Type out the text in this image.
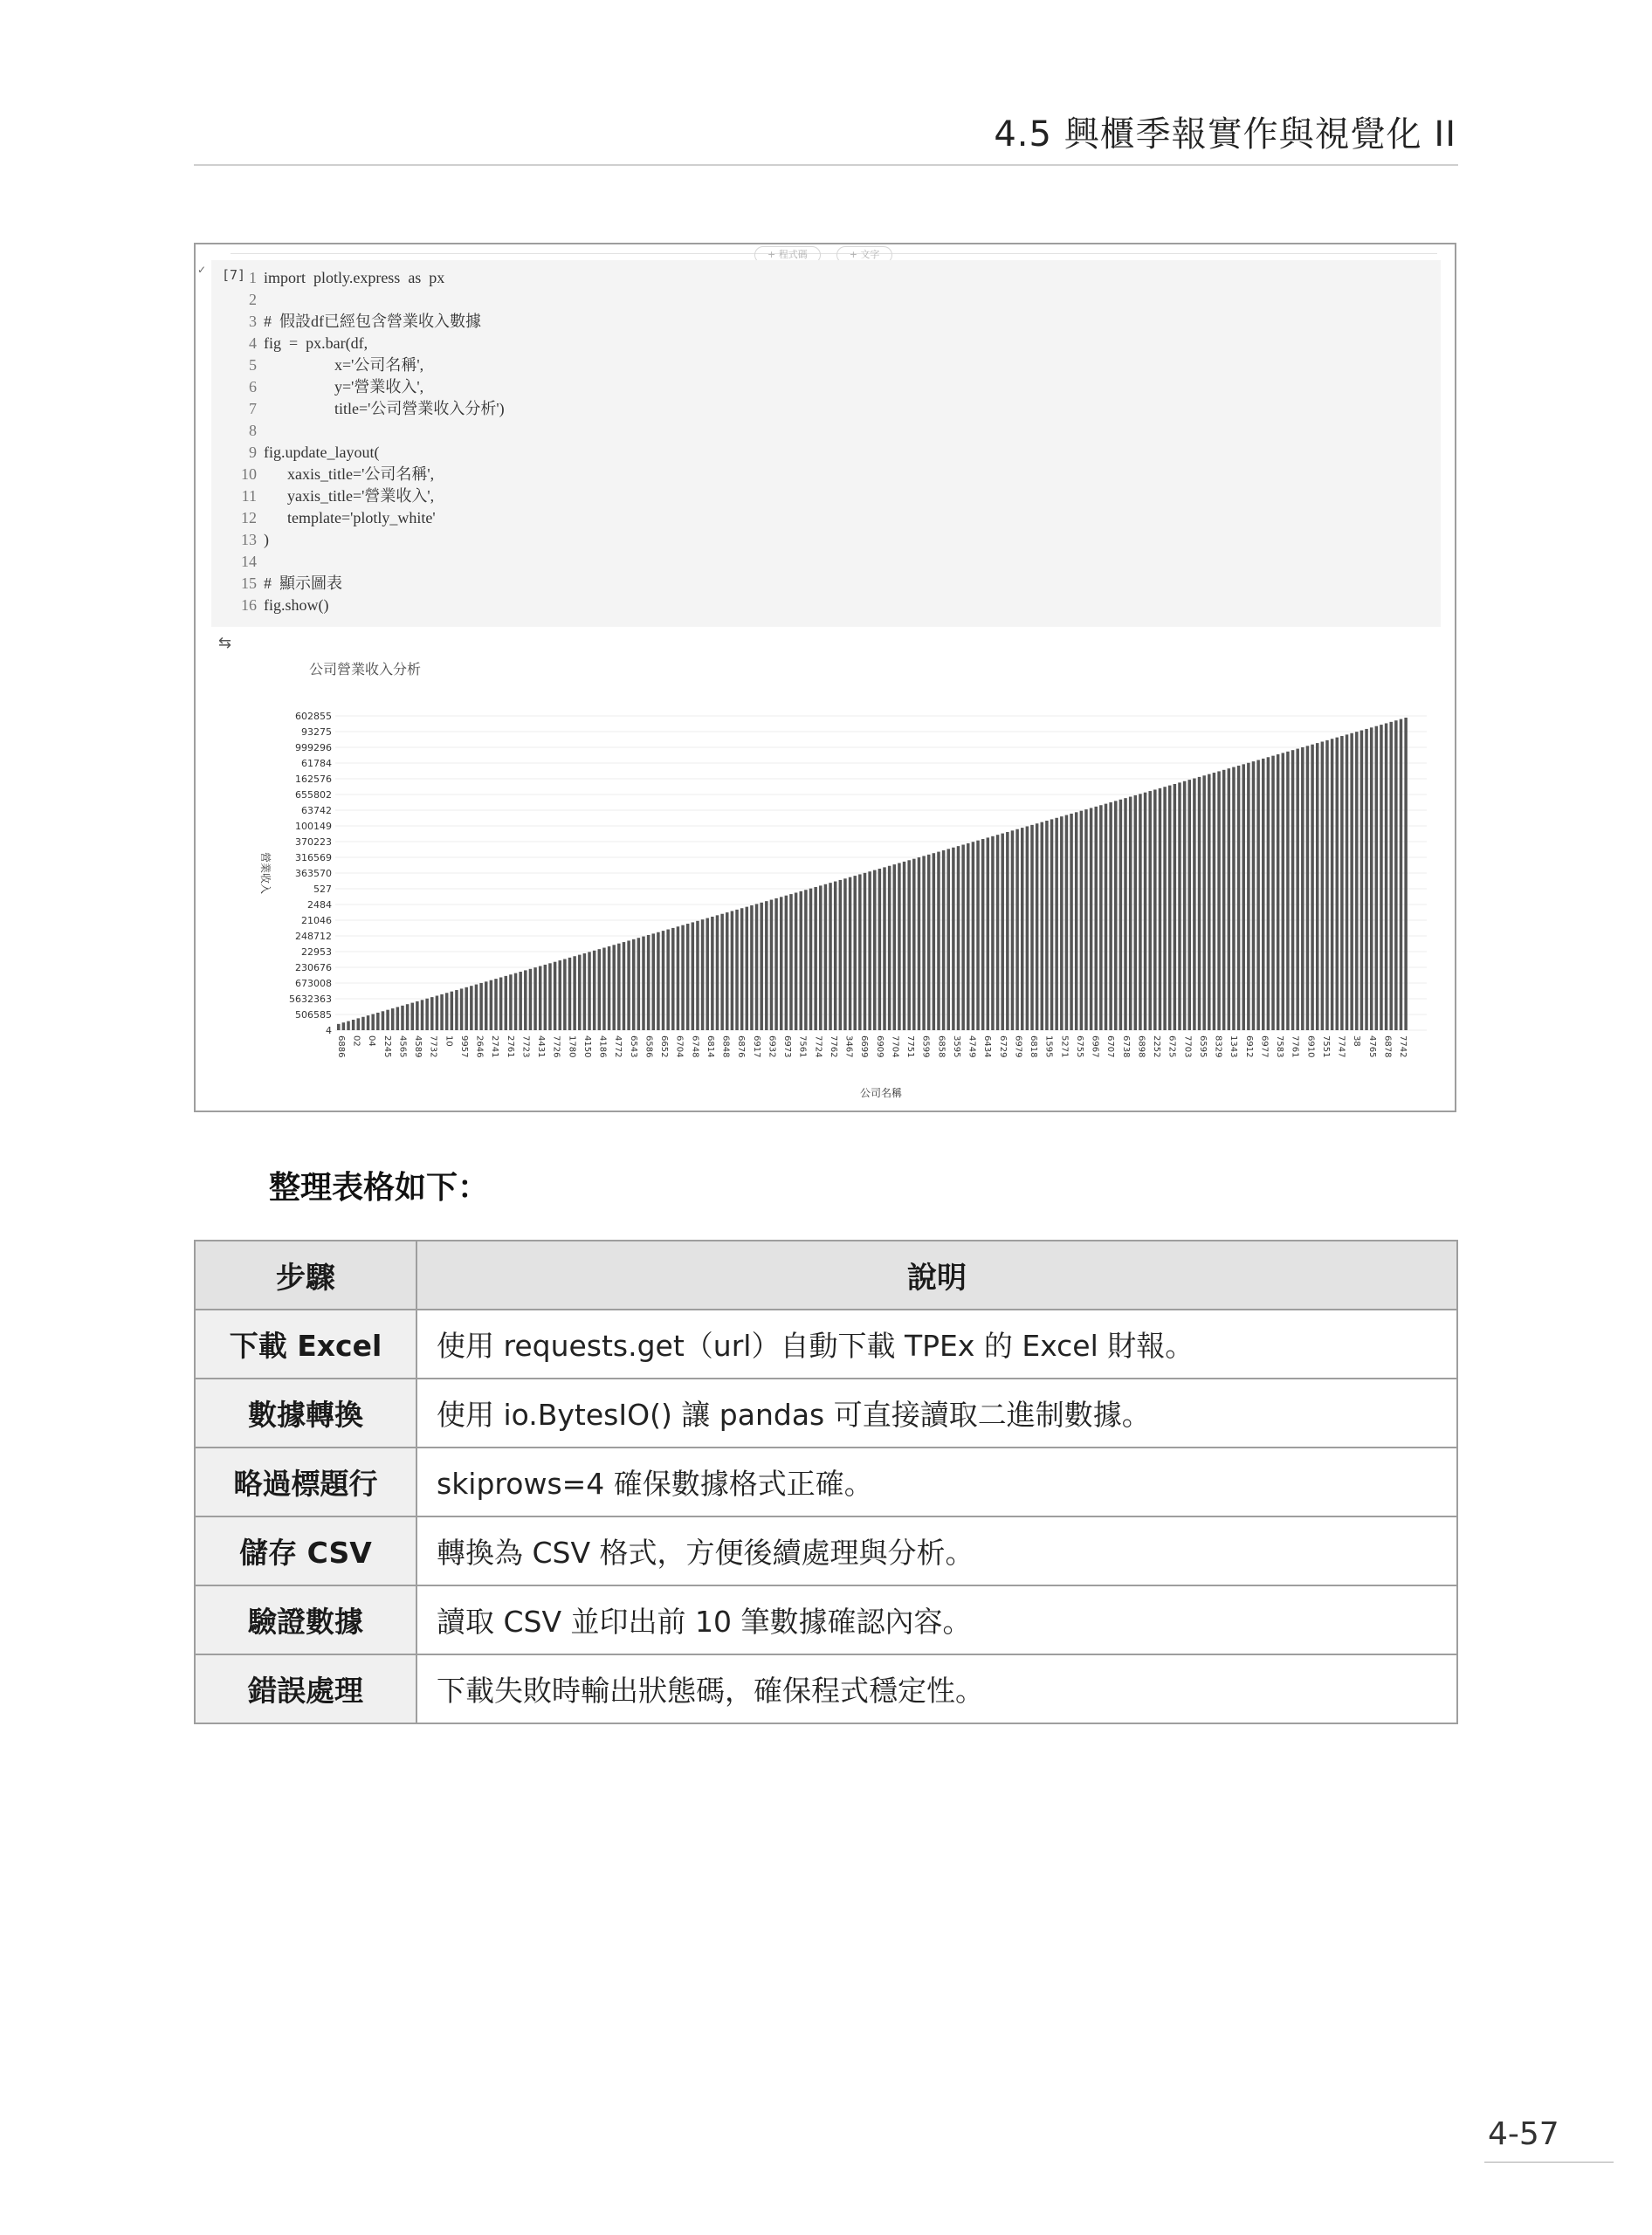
4.5 興櫃季報實作與視覺化 II
+ 程式碼	+ 文字
✓ [7] 1 import  plotly.express  as  px
2
3 #  假設df已經包含營業收入數據
4 fig  =  px.bar(df,
5                  x='公司名稱',
6                  y='營業收入',
7                  title='公司營業收入分析')
8
9 fig.update_layout(
10      xaxis_title='公司名稱',
11      yaxis_title='營業收入',
12      template='plotly_white'
13 )
14
15 #  顯示圖表
16 fig.show()
⇆
公司營業收入分析
4
506585
5632363
673008
230676
22953
248712
21046
2484
527
363570
316569
370223
100149
63742
655802
162576
61784
999296
93275
602855
營業收入
6886 02 04 2245 4565 4589 7732 10 9957 2646 2741 2761 7723 4431 7726 1780 4150 4186 4772 6543 6586 6652 6704 6748 6814 6848 6876 6917 6932 6973 7561 7724 7762 3467 6699 6909 7704 7751 6599 6858 3595 4749 6434 6729 6979 6818 1595 5271 6755 6967 6707 6738 6898 2252 6725 7703 6595 8329 1343 6912 6977 7583 7761 6910 7551 7747 38 4765 6878 7742
公司名稱
整理表格如下：
步驟	說明
下載 Excel	使用 requests.get（url）自動下載 TPEx 的 Excel 財報。
數據轉換	使用 io.BytesIO() 讓 pandas 可直接讀取二進制數據。
略過標題行	skiprows=4 確保數據格式正確。
儲存 CSV	轉換為 CSV 格式，方便後續處理與分析。
驗證數據	讀取 CSV 並印出前 10 筆數據確認內容。
錯誤處理	下載失敗時輸出狀態碼，確保程式穩定性。
4-57
